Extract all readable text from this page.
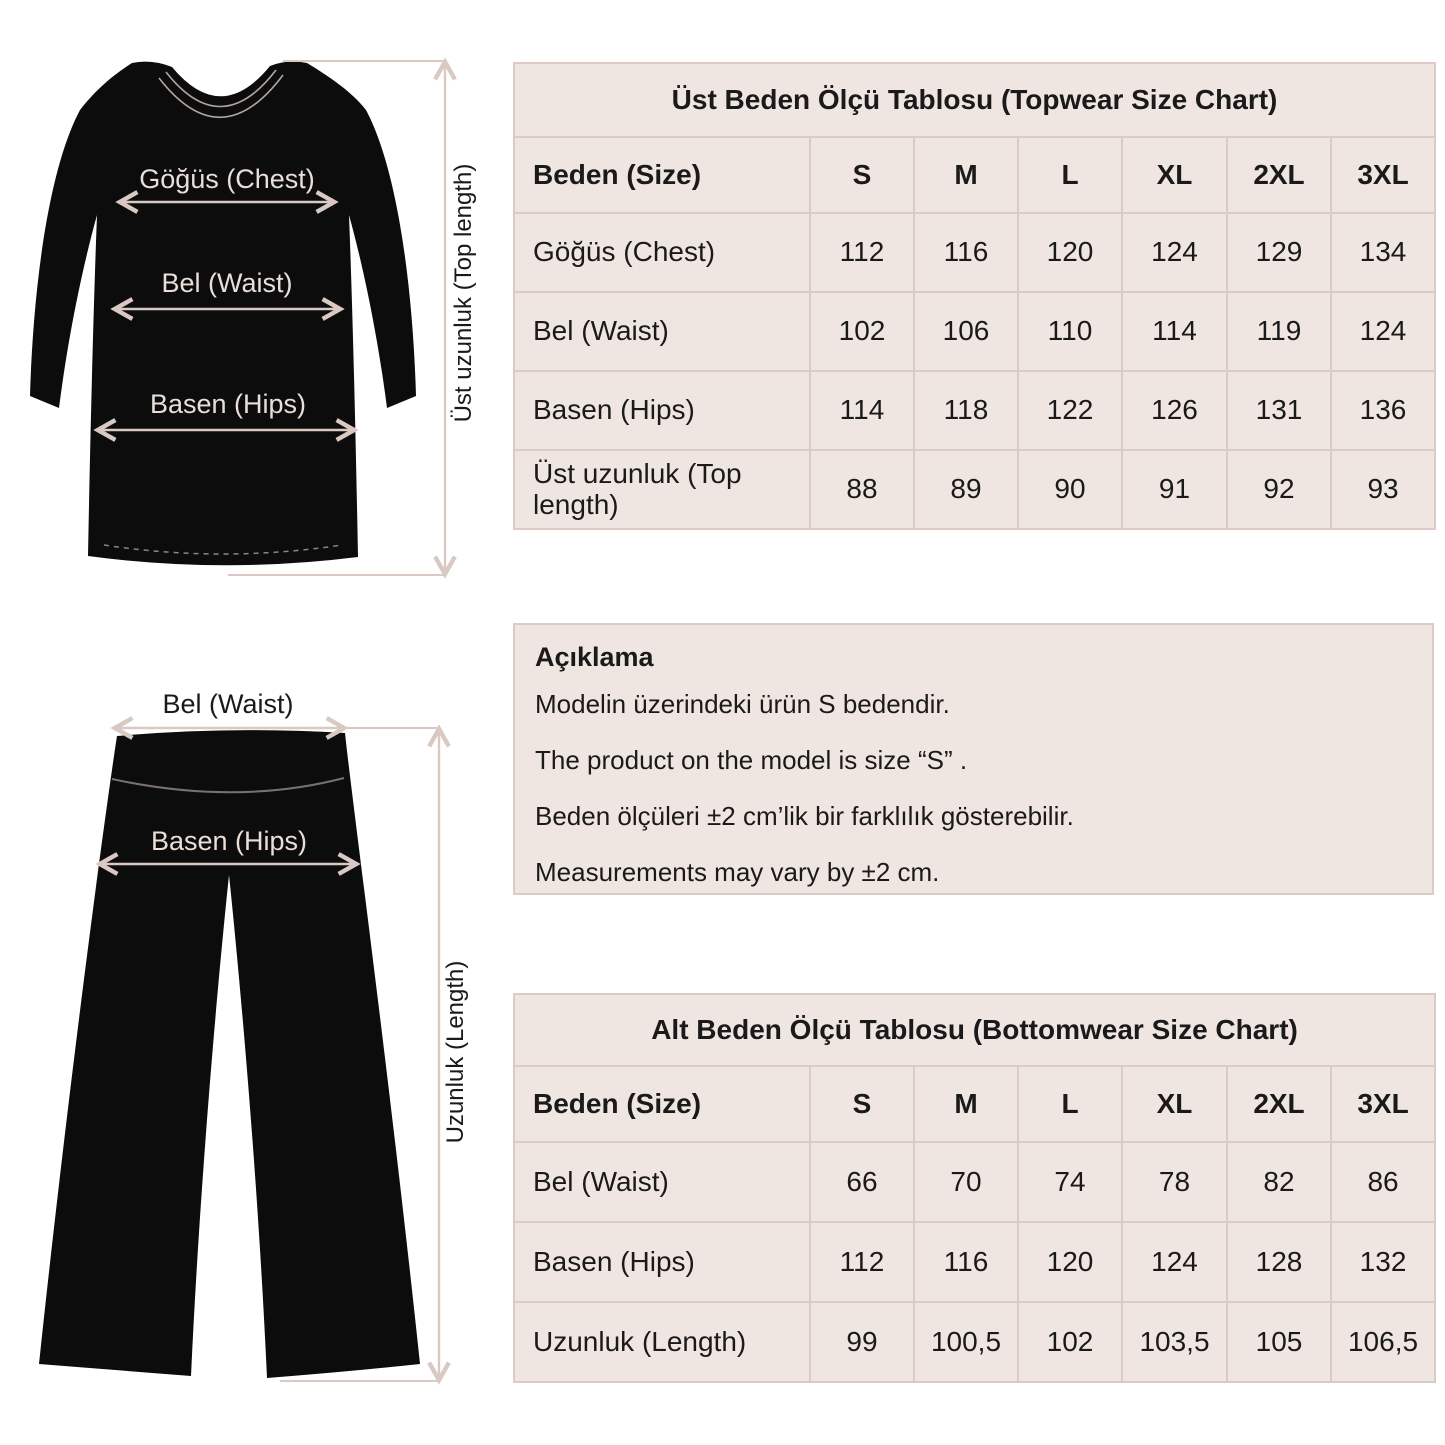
Göğüs (Chest)
Bel (Waist)
Basen (Hips)	Üst uzunluk (Top length)
Bel (Waist)
Basen (Hips)
Uzunluk (Length)
Üst Beden Ölçü Tablosu (Topwear Size Chart)						
Beden (Size)	S	M	L	XL	2XL	3XL
Göğüs (Chest)	112	116	120	124	129	134
Bel (Waist)	102	106	110	114	119	124
Basen (Hips)	114	118	122	126	131	136
Üst uzunluk (Top length)	88	89	90	91	92	93
Açıklama

Modelin üzerindeki ürün S bedendir.

The product on the model is size “S” .

Beden ölçüleri ±2 cm’lik bir farklılık gösterebilir.

Measurements may vary by ±2 cm.

Alt Beden Ölçü Tablosu (Bottomwear Size Chart)						
Beden (Size)	S	M	L	XL	2XL	3XL
Bel (Waist)	66	70	74	78	82	86
Basen (Hips)	112	116	120	124	128	132
Uzunluk (Length)	99	100,5	102	103,5	105	106,5
